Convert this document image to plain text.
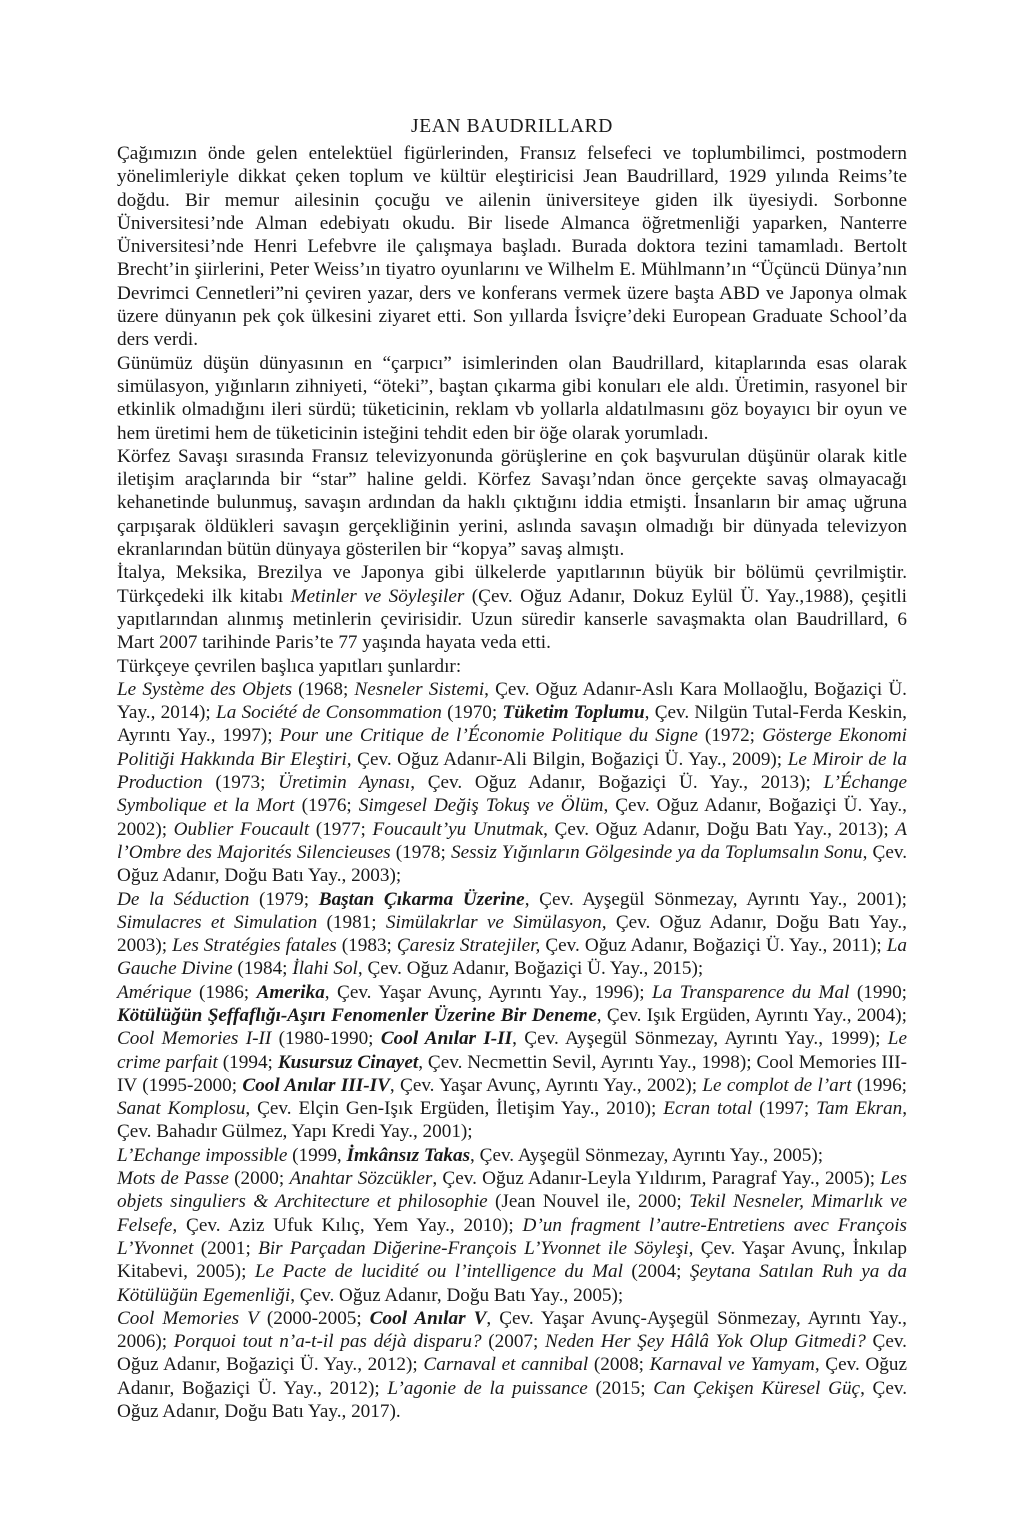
JEAN BAUDRILLARD

Çağımızın önde gelen entelektüel figürlerinden, Fransız felsefeci ve toplumbilimci, postmodern yönelimleriyle dikkat çeken toplum ve kültür eleştiricisi Jean Baudrillard, 1929 yılında Reims’te doğdu. Bir memur ailesinin çocuğu ve ailenin üniversiteye giden ilk üyesiydi. Sorbonne Üniversitesi’nde Alman edebiyatı okudu. Bir lisede Almanca öğretmenliği yaparken, Nanterre Üniversitesi’nde Henri Lefebvre ile çalışmaya başladı. Burada doktora tezini tamamladı. Bertolt Brecht’in şiirlerini, Peter Weiss’ın tiyatro oyunlarını ve Wilhelm E. Mühlmann’ın “Üçüncü Dünya’nın Devrimci Cennetleri”ni çeviren yazar, ders ve konferans vermek üzere başta ABD ve Japonya olmak üzere dünyanın pek çok ülkesini ziyaret etti. Son yıllarda İsviçre’deki European Graduate School’da ders verdi.

Günümüz düşün dünyasının en “çarpıcı” isimlerinden olan Baudrillard, kitaplarında esas olarak simülasyon, yığınların zihniyeti, “öteki”, baştan çıkarma gibi konuları ele aldı. Üretimin, rasyonel bir etkinlik olmadığını ileri sürdü; tüketicinin, reklam vb yollarla aldatılmasını göz boyayıcı bir oyun ve hem üretimi hem de tüketicinin isteğini tehdit eden bir öğe olarak yorumladı.

Körfez Savaşı sırasında Fransız televizyonunda görüşlerine en çok başvurulan düşünür olarak kitle iletişim araçlarında bir “star” haline geldi. Körfez Savaşı’ndan önce gerçekte savaş olmayacağı kehanetinde bulunmuş, savaşın ardından da haklı çıktığını iddia etmişti. İnsanların bir amaç uğruna çarpışarak öldükleri savaşın gerçekliğinin yerini, aslında savaşın olmadığı bir dünyada televizyon ekranlarından bütün dünyaya gösterilen bir “kopya” savaş almıştı.

İtalya, Meksika, Brezilya ve Japonya gibi ülkelerde yapıtlarının büyük bir bölümü çevrilmiştir. Türkçedeki ilk kitabı Metinler ve Söyleşiler (Çev. Oğuz Adanır, Dokuz Eylül Ü. Yay.,1988), çeşitli yapıtlarından alınmış metinlerin çevirisidir. Uzun süredir kanserle savaşmakta olan Baudrillard, 6 Mart 2007 tarihinde Paris’te 77 yaşında hayata veda etti.

Türkçeye çevrilen başlıca yapıtları şunlardır:

Le Système des Objets (1968; Nesneler Sistemi, Çev. Oğuz Adanır-Aslı Kara Mollaoğlu, Boğaziçi Ü. Yay., 2014); La Société de Consommation (1970; Tüketim Toplumu, Çev. Nilgün Tutal-Ferda Keskin, Ayrıntı Yay., 1997); Pour une Critique de l’Économie Politique du Signe (1972; Gösterge Ekonomi Politiği Hakkında Bir Eleştiri, Çev. Oğuz Adanır-Ali Bilgin, Boğaziçi Ü. Yay., 2009); Le Miroir de la Production (1973; Üretimin Aynası, Çev. Oğuz Adanır, Boğaziçi Ü. Yay., 2013); L’Échange Symbolique et la Mort (1976; Simgesel Değiş Tokuş ve Ölüm, Çev. Oğuz Adanır, Boğaziçi Ü. Yay., 2002); Oublier Foucault (1977; Foucault’yu Unutmak, Çev. Oğuz Adanır, Doğu Batı Yay., 2013); A l’Ombre des Majorités Silencieuses (1978; Sessiz Yığınların Gölgesinde ya da Toplumsalın Sonu, Çev. Oğuz Adanır, Doğu Batı Yay., 2003);

De la Séduction (1979; Baştan Çıkarma Üzerine, Çev. Ayşegül Sönmezay, Ayrıntı Yay., 2001); Simulacres et Simulation (1981; Simülakrlar ve Simülasyon, Çev. Oğuz Adanır, Doğu Batı Yay., 2003); Les Stratégies fatales (1983; Çaresiz Stratejiler, Çev. Oğuz Adanır, Boğaziçi Ü. Yay., 2011); La Gauche Divine (1984; İlahi Sol, Çev. Oğuz Adanır, Boğaziçi Ü. Yay., 2015);

Amérique (1986; Amerika, Çev. Yaşar Avunç, Ayrıntı Yay., 1996); La Transparence du Mal (1990; Kötülüğün Şeffaflığı-Aşırı Fenomenler Üzerine Bir Deneme, Çev. Işık Ergüden, Ayrıntı Yay., 2004); Cool Memories I-II (1980-1990; Cool Anılar I-II, Çev. Ayşegül Sönmezay, Ayrıntı Yay., 1999); Le crime parfait (1994; Kusursuz Cinayet, Çev. Necmettin Sevil, Ayrıntı Yay., 1998); Cool Memories III-IV (1995-2000; Cool Anılar III-IV, Çev. Yaşar Avunç, Ayrıntı Yay., 2002); Le complot de l’art (1996; Sanat Komplosu, Çev. Elçin Gen-Işık Ergüden, İletişim Yay., 2010); Ecran total (1997; Tam Ekran, Çev. Bahadır Gülmez, Yapı Kredi Yay., 2001);

L’Echange impossible (1999, İmkânsız Takas, Çev. Ayşegül Sönmezay, Ayrıntı Yay., 2005);

Mots de Passe (2000; Anahtar Sözcükler, Çev. Oğuz Adanır-Leyla Yıldırım, Paragraf Yay., 2005); Les objets singuliers & Architecture et philosophie (Jean Nouvel ile, 2000; Tekil Nesneler, Mimarlık ve Felsefe, Çev. Aziz Ufuk Kılıç, Yem Yay., 2010); D’un fragment l’autre-Entretiens avec François L’Yvonnet (2001; Bir Parçadan Diğerine-François L’Yvonnet ile Söyleşi, Çev. Yaşar Avunç, İnkılap Kitabevi, 2005); Le Pacte de lucidité ou l’intelligence du Mal (2004; Şeytana Satılan Ruh ya da Kötülüğün Egemenliği, Çev. Oğuz Adanır, Doğu Batı Yay., 2005);

Cool Memories V (2000-2005; Cool Anılar V, Çev. Yaşar Avunç-Ayşegül Sönmezay, Ayrıntı Yay., 2006); Porquoi tout n’a-t-il pas déjà disparu? (2007; Neden Her Şey Hâlâ Yok Olup Gitmedi? Çev. Oğuz Adanır, Boğaziçi Ü. Yay., 2012); Carnaval et cannibal (2008; Karnaval ve Yamyam, Çev. Oğuz Adanır, Boğaziçi Ü. Yay., 2012); L’agonie de la puissance (2015; Can Çekişen Küresel Güç, Çev. Oğuz Adanır, Doğu Batı Yay., 2017).
